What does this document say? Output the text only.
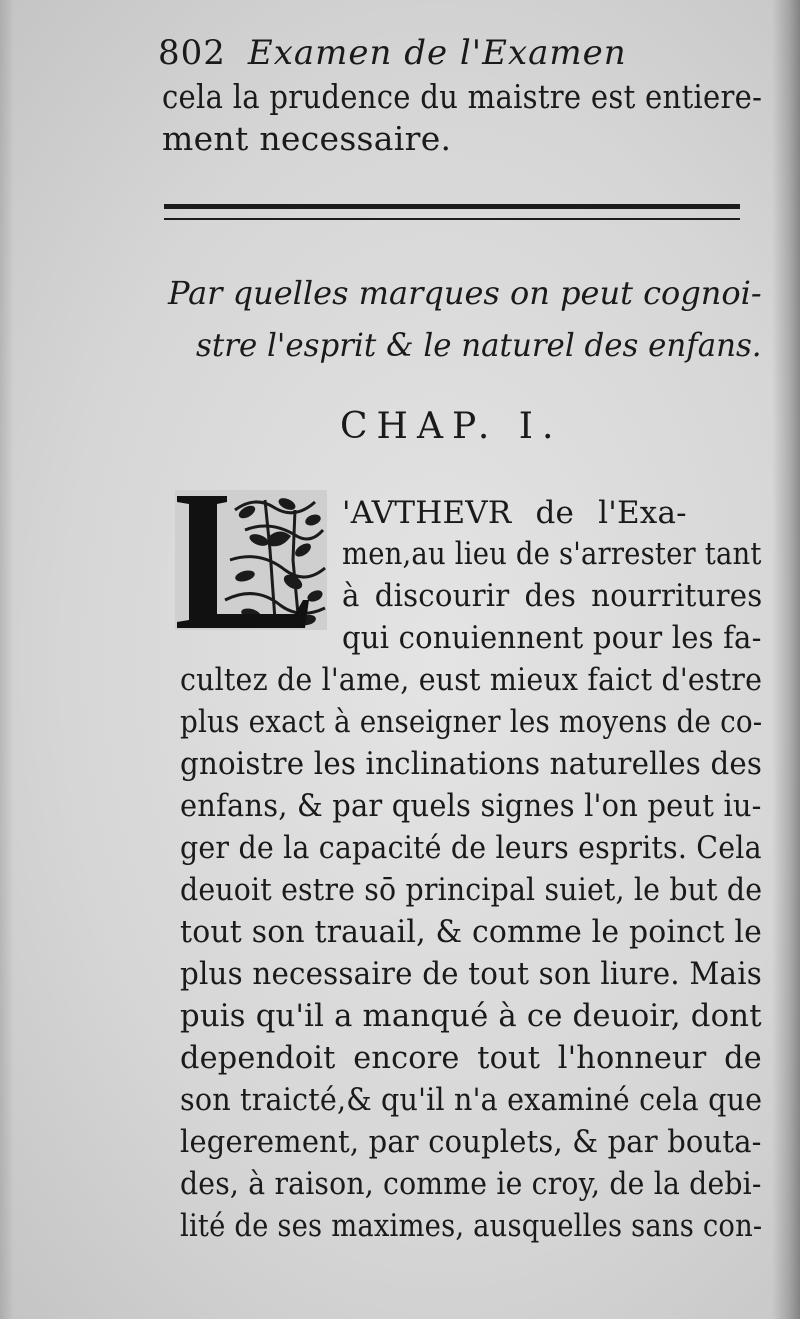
802 Examen de l'Examen
cela la prudence du maistre est entiere-
ment necessaire.
Par quelles marques on peut cognoi-
stre l'esprit & le naturel des enfans.
CHAP. I.
'AVTHEVR de l'Exa-
men,au lieu de s'arrester tant
à discourir des nourritures
qui conuiennent pour les fa-
cultez de l'ame, eust mieux faict d'estre
plus exact à enseigner les moyens de co-
gnoistre les inclinations naturelles des
enfans, & par quels signes l'on peut iu-
ger de la capacité de leurs esprits. Cela
deuoit estre sō principal suiet, le but de
tout son trauail, & comme le poinct le
plus necessaire de tout son liure. Mais
puis qu'il a manqué à ce deuoir, dont
dependoit encore tout l'honneur de
son traicté,& qu'il n'a examiné cela que
legerement, par couplets, & par bouta-
des, à raison, comme ie croy, de la debi-
lité de ses maximes, ausquelles sans con-
